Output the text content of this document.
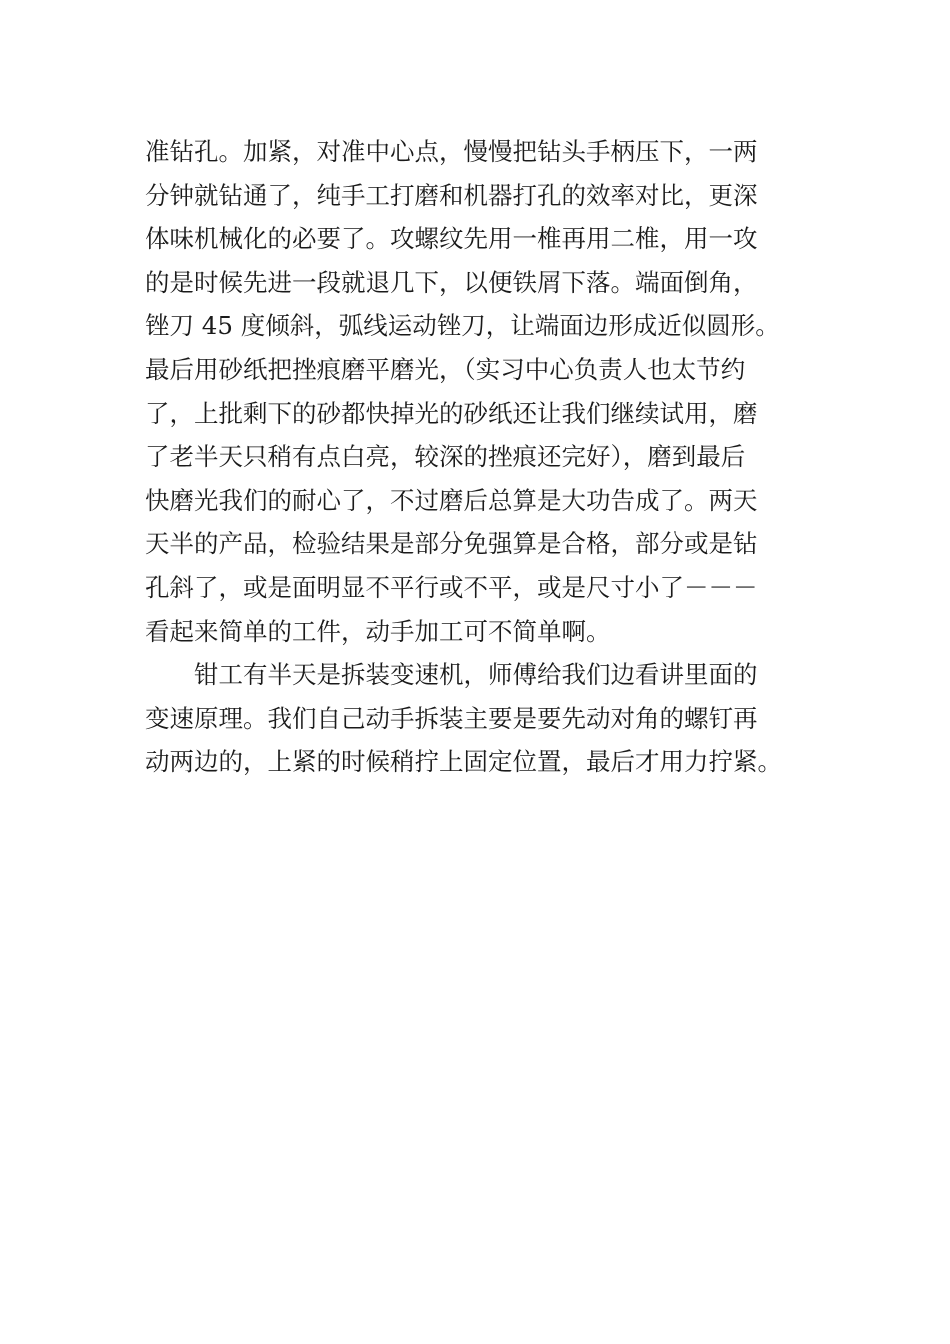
准钻孔。加紧，对准中心点，慢慢把钻头手柄压下，一两
分钟就钻通了，纯手工打磨和机器打孔的效率对比，更深
体味机械化的必要了。攻螺纹先用一椎再用二椎，用一攻
的是时候先进一段就退几下，以便铁屑下落。端面倒角，
锉刀 45 度倾斜，弧线运动锉刀，让端面边形成近似圆形。
最后用砂纸把挫痕磨平磨光，（实习中心负责人也太节约
了，上批剩下的砂都快掉光的砂纸还让我们继续试用，磨
了老半天只稍有点白亮，较深的挫痕还完好），磨到最后
快磨光我们的耐心了，不过磨后总算是大功告成了。两天
天半的产品，检验结果是部分免强算是合格，部分或是钻
孔斜了，或是面明显不平行或不平，或是尺寸小了－－－
看起来简单的工件，动手加工可不简单啊。
钳工有半天是拆装变速机，师傅给我们边看讲里面的
变速原理。我们自己动手拆装主要是要先动对角的螺钉再
动两边的，上紧的时候稍拧上固定位置，最后才用力拧紧。
